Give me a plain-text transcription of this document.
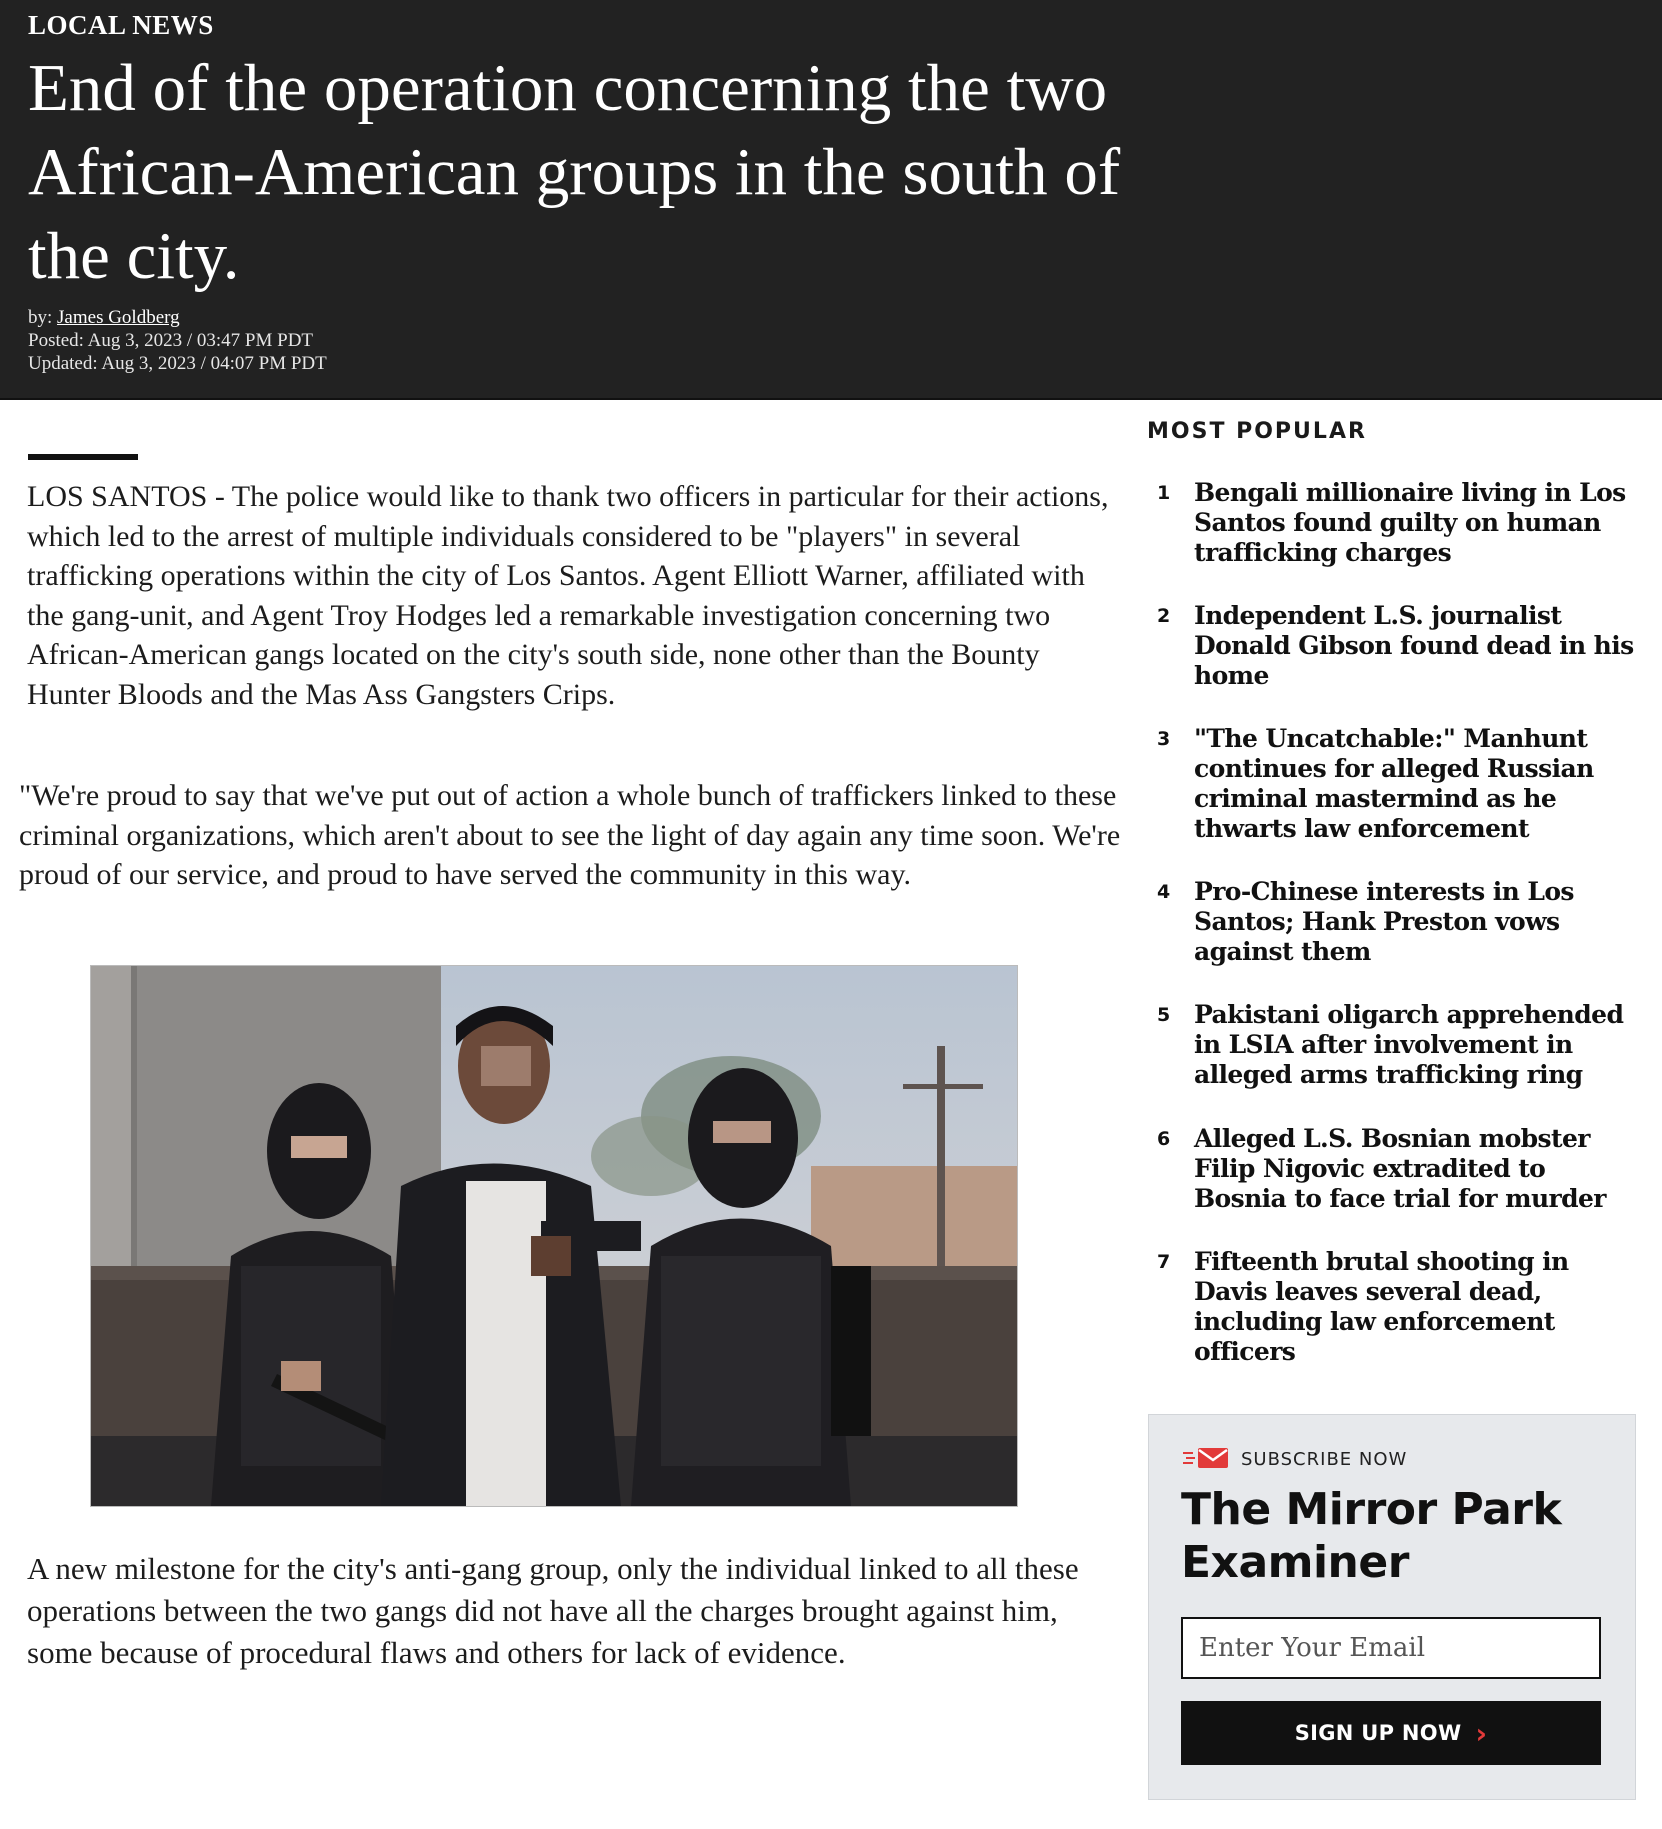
LOCAL NEWS
End of the operation concerning the two African-American groups in the south of the city.
by: James Goldberg
Posted: Aug 3, 2023 / 03:47 PM PDT
Updated: Aug 3, 2023 / 04:07 PM PDT

LOS SANTOS - The police would like to thank two officers in particular for their actions, which led to the arrest of multiple individuals considered to be "players" in several trafficking operations within the city of Los Santos. Agent Elliott Warner, affiliated with the gang-unit, and Agent Troy Hodges led a remarkable investigation concerning two African-American gangs located on the city's south side, none other than the Bounty Hunter Bloods and the Mas Ass Gangsters Crips.

"We're proud to say that we've put out of action a whole bunch of traffickers linked to these criminal organizations, which aren't about to see the light of day again any time soon. We're proud of our service, and proud to have served the community in this way.

A new milestone for the city's anti-gang group, only the individual linked to all these operations between the two gangs did not have all the charges brought against him, some because of procedural flaws and others for lack of evidence.

MOST POPULAR
1 Bengali millionaire living in Los Santos found guilty on human trafficking charges
2 Independent L.S. journalist Donald Gibson found dead in his home
3 "The Uncatchable:" Manhunt continues for alleged Russian criminal mastermind as he thwarts law enforcement
4 Pro-Chinese interests in Los Santos; Hank Preston vows against them
5 Pakistani oligarch apprehended in LSIA after involvement in alleged arms trafficking ring
6 Alleged L.S. Bosnian mobster Filip Nigovic extradited to Bosnia to face trial for murder
7 Fifteenth brutal shooting in Davis leaves several dead, including law enforcement officers
SUBSCRIBE NOW
The Mirror Park Examiner
Enter Your Email
SIGN UP NOW ›
